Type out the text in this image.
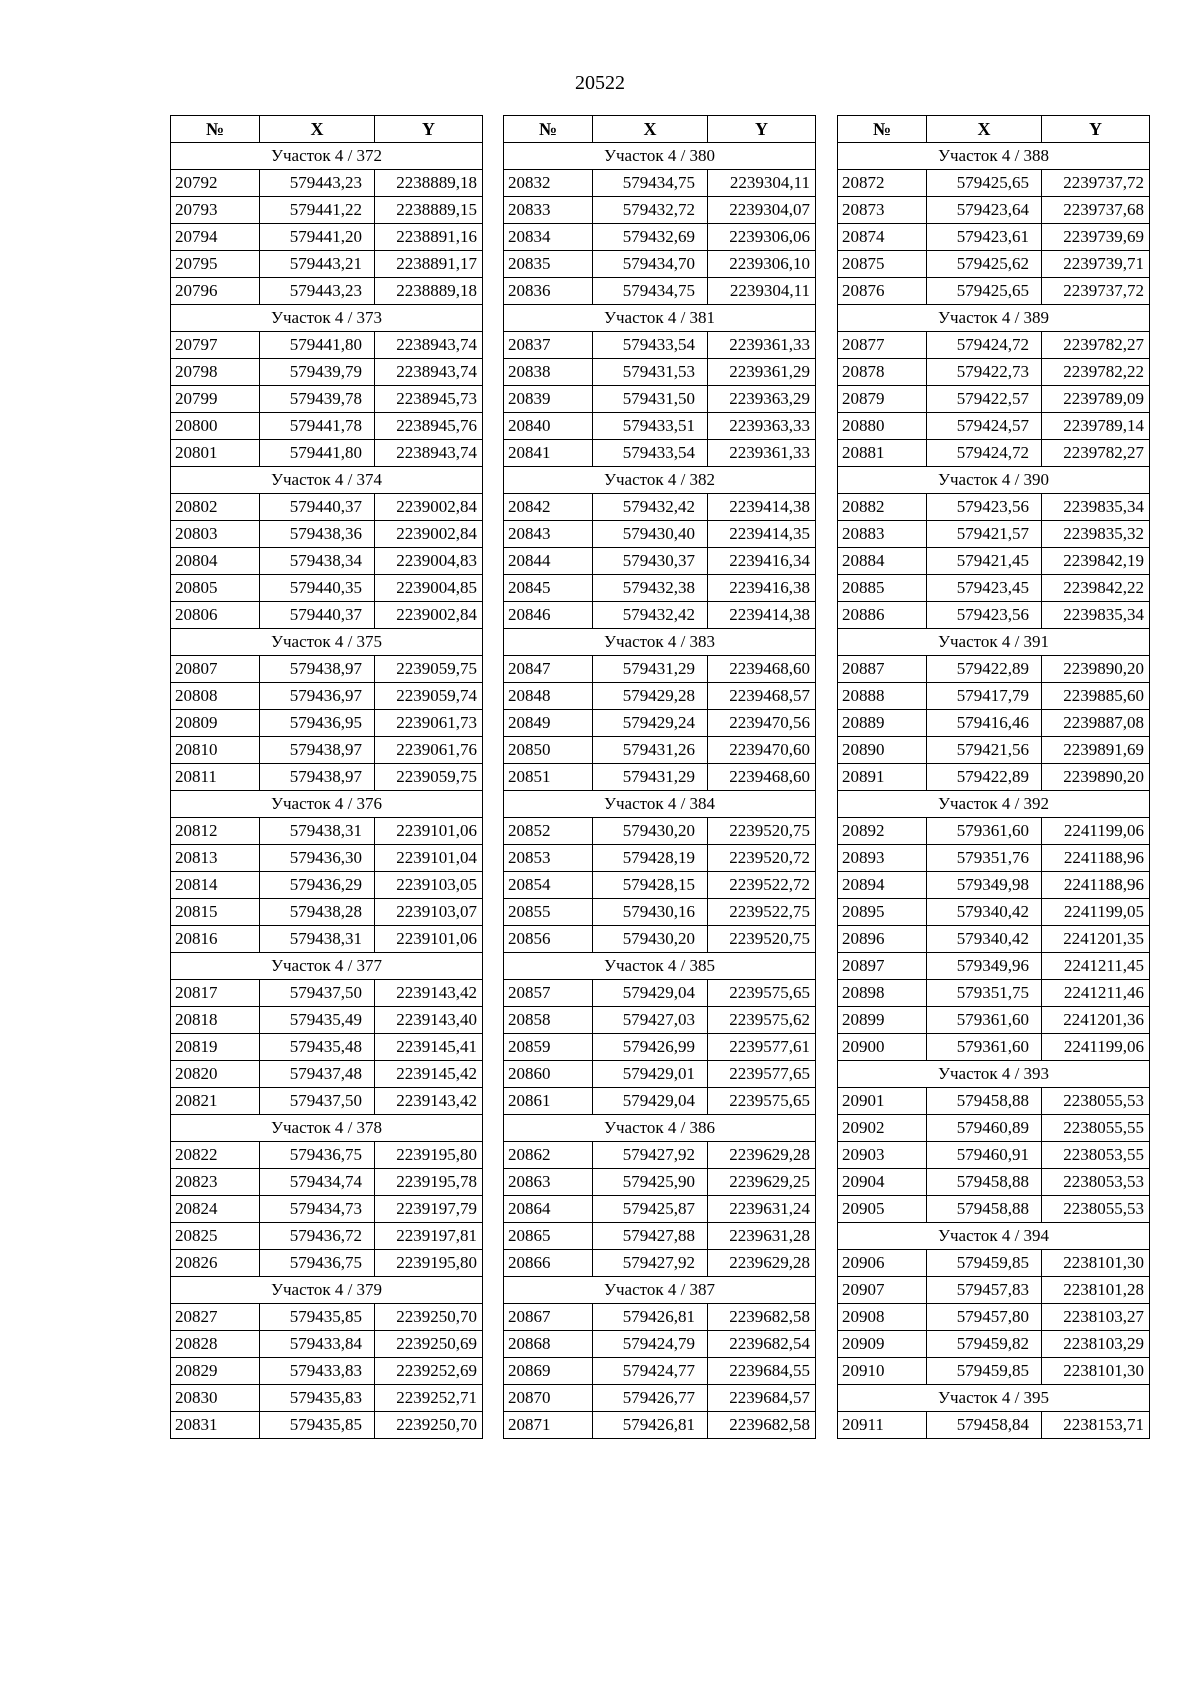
20522
№	X	Y
Участок 4 / 372		
20792	579443,23	2238889,18
20793	579441,22	2238889,15
20794	579441,20	2238891,16
20795	579443,21	2238891,17
20796	579443,23	2238889,18
Участок 4 / 373		
20797	579441,80	2238943,74
20798	579439,79	2238943,74
20799	579439,78	2238945,73
20800	579441,78	2238945,76
20801	579441,80	2238943,74
Участок 4 / 374		
20802	579440,37	2239002,84
20803	579438,36	2239002,84
20804	579438,34	2239004,83
20805	579440,35	2239004,85
20806	579440,37	2239002,84
Участок 4 / 375		
20807	579438,97	2239059,75
20808	579436,97	2239059,74
20809	579436,95	2239061,73
20810	579438,97	2239061,76
20811	579438,97	2239059,75
Участок 4 / 376		
20812	579438,31	2239101,06
20813	579436,30	2239101,04
20814	579436,29	2239103,05
20815	579438,28	2239103,07
20816	579438,31	2239101,06
Участок 4 / 377		
20817	579437,50	2239143,42
20818	579435,49	2239143,40
20819	579435,48	2239145,41
20820	579437,48	2239145,42
20821	579437,50	2239143,42
Участок 4 / 378		
20822	579436,75	2239195,80
20823	579434,74	2239195,78
20824	579434,73	2239197,79
20825	579436,72	2239197,81
20826	579436,75	2239195,80
Участок 4 / 379		
20827	579435,85	2239250,70
20828	579433,84	2239250,69
20829	579433,83	2239252,69
20830	579435,83	2239252,71
20831	579435,85	2239250,70
№	X	Y
Участок 4 / 380		
20832	579434,75	2239304,11
20833	579432,72	2239304,07
20834	579432,69	2239306,06
20835	579434,70	2239306,10
20836	579434,75	2239304,11
Участок 4 / 381		
20837	579433,54	2239361,33
20838	579431,53	2239361,29
20839	579431,50	2239363,29
20840	579433,51	2239363,33
20841	579433,54	2239361,33
Участок 4 / 382		
20842	579432,42	2239414,38
20843	579430,40	2239414,35
20844	579430,37	2239416,34
20845	579432,38	2239416,38
20846	579432,42	2239414,38
Участок 4 / 383		
20847	579431,29	2239468,60
20848	579429,28	2239468,57
20849	579429,24	2239470,56
20850	579431,26	2239470,60
20851	579431,29	2239468,60
Участок 4 / 384		
20852	579430,20	2239520,75
20853	579428,19	2239520,72
20854	579428,15	2239522,72
20855	579430,16	2239522,75
20856	579430,20	2239520,75
Участок 4 / 385		
20857	579429,04	2239575,65
20858	579427,03	2239575,62
20859	579426,99	2239577,61
20860	579429,01	2239577,65
20861	579429,04	2239575,65
Участок 4 / 386		
20862	579427,92	2239629,28
20863	579425,90	2239629,25
20864	579425,87	2239631,24
20865	579427,88	2239631,28
20866	579427,92	2239629,28
Участок 4 / 387		
20867	579426,81	2239682,58
20868	579424,79	2239682,54
20869	579424,77	2239684,55
20870	579426,77	2239684,57
20871	579426,81	2239682,58
№	X	Y
Участок 4 / 388		
20872	579425,65	2239737,72
20873	579423,64	2239737,68
20874	579423,61	2239739,69
20875	579425,62	2239739,71
20876	579425,65	2239737,72
Участок 4 / 389		
20877	579424,72	2239782,27
20878	579422,73	2239782,22
20879	579422,57	2239789,09
20880	579424,57	2239789,14
20881	579424,72	2239782,27
Участок 4 / 390		
20882	579423,56	2239835,34
20883	579421,57	2239835,32
20884	579421,45	2239842,19
20885	579423,45	2239842,22
20886	579423,56	2239835,34
Участок 4 / 391		
20887	579422,89	2239890,20
20888	579417,79	2239885,60
20889	579416,46	2239887,08
20890	579421,56	2239891,69
20891	579422,89	2239890,20
Участок 4 / 392		
20892	579361,60	2241199,06
20893	579351,76	2241188,96
20894	579349,98	2241188,96
20895	579340,42	2241199,05
20896	579340,42	2241201,35
20897	579349,96	2241211,45
20898	579351,75	2241211,46
20899	579361,60	2241201,36
20900	579361,60	2241199,06
Участок 4 / 393		
20901	579458,88	2238055,53
20902	579460,89	2238055,55
20903	579460,91	2238053,55
20904	579458,88	2238053,53
20905	579458,88	2238055,53
Участок 4 / 394		
20906	579459,85	2238101,30
20907	579457,83	2238101,28
20908	579457,80	2238103,27
20909	579459,82	2238103,29
20910	579459,85	2238101,30
Участок 4 / 395		
20911	579458,84	2238153,71
